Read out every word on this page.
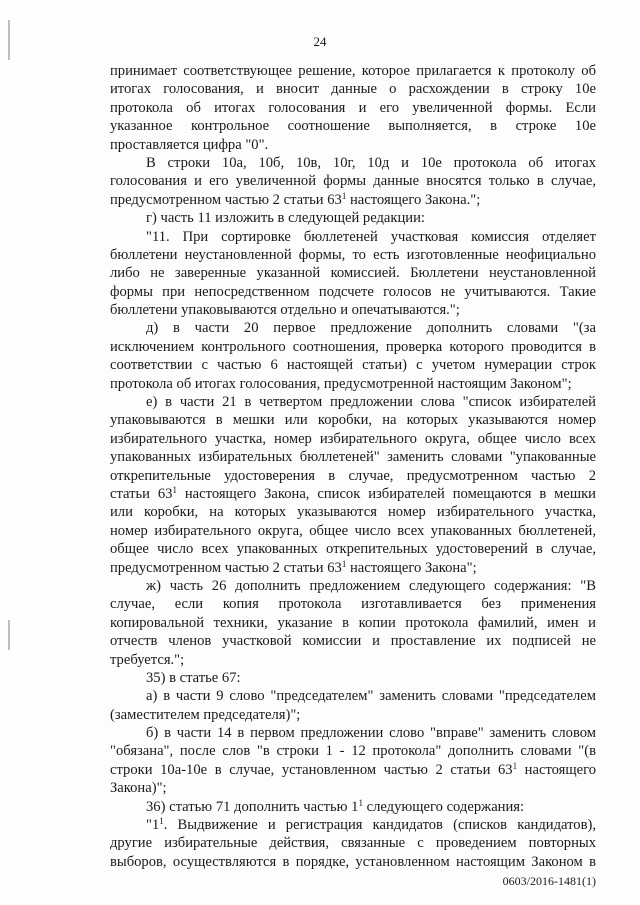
24
принимает соответствующее решение, которое прилагается к протоколу об
итогах голосования, и вносит данные о расхождении в строку 10е
протокола об итогах голосования и его увеличенной формы. Если
указанное контрольное соотношение выполняется, в строке 10е
проставляется цифра "0".
В строки 10а, 10б, 10в, 10г, 10д и 10е протокола об итогах
голосования и его увеличенной формы данные вносятся только в случае,
предусмотренном частью 2 статьи $63^1$ настоящего Закона.";
г) часть 11 изложить в следующей редакции:
"11. При сортировке бюллетеней участковая комиссия отделяет
бюллетени неустановленной формы, то есть изготовленные неофициально
либо не заверенные указанной комиссией. Бюллетени неустановленной
формы при непосредственном подсчете голосов не учитываются. Такие
бюллетени упаковываются отдельно и опечатываются.";
д) в части 20 первое предложение дополнить словами "(за
исключением контрольного соотношения, проверка которого проводится в
соответствии с частью 6 настоящей статьи) с учетом нумерации строк
протокола об итогах голосования, предусмотренной настоящим Законом";
е) в части 21 в четвертом предложении слова "список избирателей
упаковываются в мешки или коробки, на которых указываются номер
избирательного участка, номер избирательного округа, общее число всех
упакованных избирательных бюллетеней" заменить словами "упакованные
открепительные удостоверения в случае, предусмотренном частью 2
статьи $63^1$ настоящего Закона, список избирателей помещаются в мешки
или коробки, на которых указываются номер избирательного участка,
номер избирательного округа, общее число всех упакованных бюллетеней,
общее число всех упакованных открепительных удостоверений в случае,
предусмотренном частью 2 статьи $63^1$ настоящего Закона";
ж) часть 26 дополнить предложением следующего содержания: "В
случае, если копия протокола изготавливается без применения
копировальной техники, указание в копии протокола фамилий, имен и
отчеств членов участковой комиссии и проставление их подписей не
требуется.";
35) в статье 67:
а) в части 9 слово "председателем" заменить словами "председателем
(заместителем председателя)";
б) в части 14 в первом предложении слово "вправе" заменить словом
"обязана", после слов "в строки 1 - 12 протокола" дополнить словами "(в
строки 10а-10е в случае, установленном частью 2 статьи $63^1$ настоящего
Закона)";
36) статью 71 дополнить частью $1^1$ следующего содержания:
"$1^1$. Выдвижение и регистрация кандидатов (списков кандидатов),
другие избирательные действия, связанные с проведением повторных
выборов, осуществляются в порядке, установленном настоящим Законом в
0603/2016-1481(1)
